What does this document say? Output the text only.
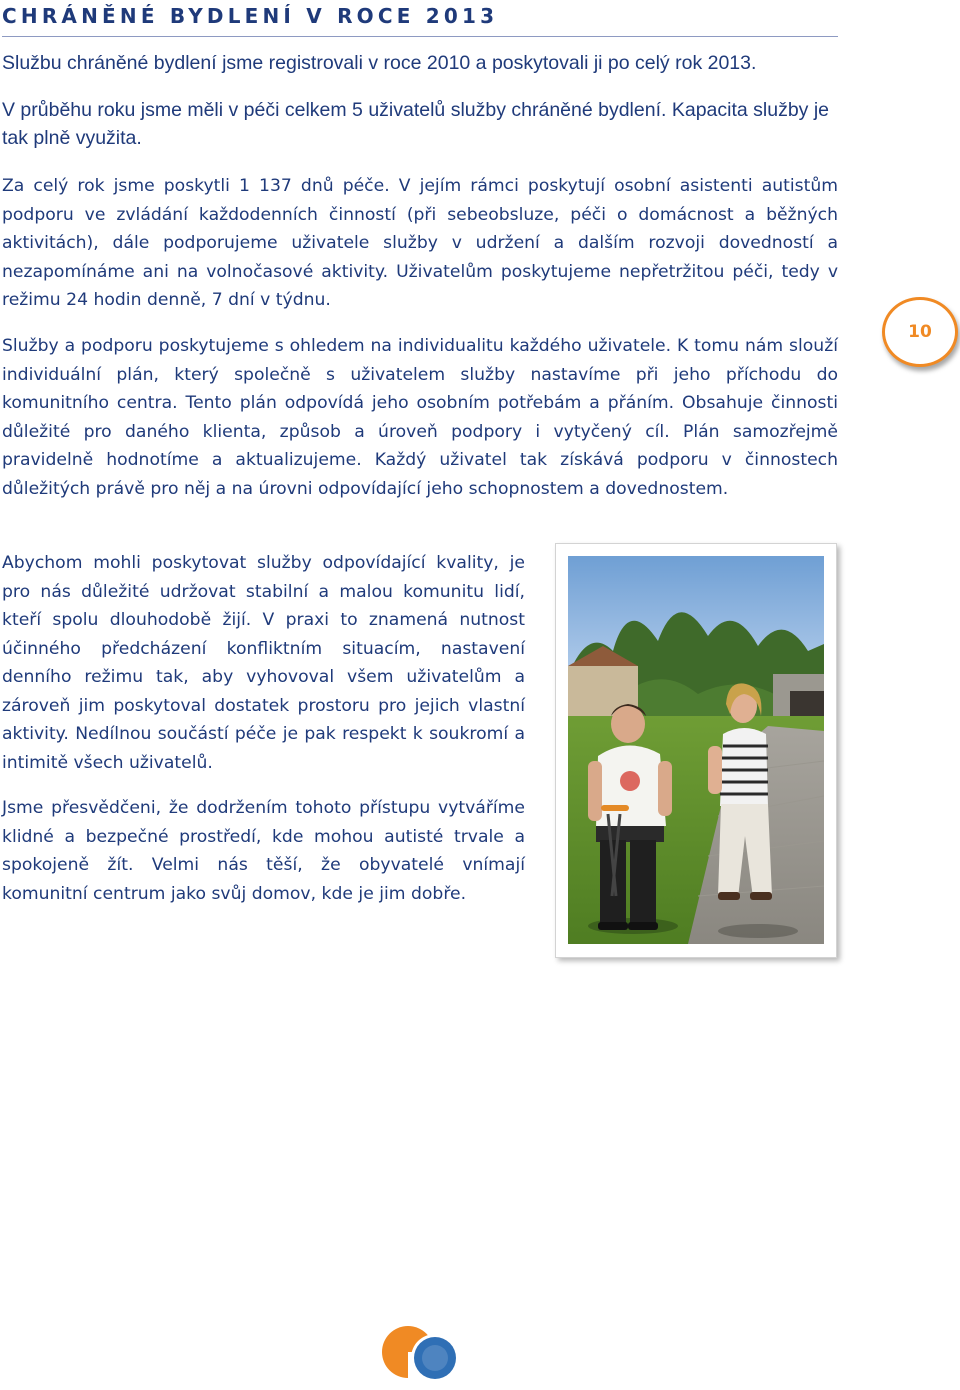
CHRÁNĚNÉ BYDLENÍ V ROCE 2013

Službu chráněné bydlení jsme registrovali v roce 2010 a poskytovali ji po celý rok 2013.

V průběhu roku jsme měli v péči celkem 5 uživatelů služby chráněné bydlení. Kapacita služby je tak plně využita.

Za celý rok jsme poskytli 1 137 dnů péče. V jejím rámci poskytují osobní asistenti autistům podporu ve zvládání každodenních činností (při sebeobsluze, péči o domácnost a běžných aktivitách), dále podporujeme uživatele služby v udržení a dalším rozvoji dovedností a nezapomínáme ani na volnočasové aktivity. Uživatelům poskytujeme nepřetržitou péči, tedy v režimu 24 hodin denně, 7 dní v týdnu.

Služby a podporu poskytujeme s ohledem na individualitu každého uživatele. K tomu nám slouží individuální plán, který společně s uživatelem služby nastavíme při jeho příchodu do komunitního centra. Tento plán odpovídá jeho osobním potřebám a přáním. Obsahuje činnosti důležité pro daného klienta, způsob a úroveň podpory i vytyčený cíl. Plán samozřejmě pravidelně hodnotíme a aktualizujeme. Každý uživatel tak získává podporu v činnostech důležitých právě pro něj a na úrovni odpovídající jeho schopnostem a dovednostem.

Abychom mohli poskytovat služby odpovídající kvality, je pro nás důležité udržovat stabilní a malou komunitu lidí, kteří spolu dlouhodobě žijí. V praxi to znamená nutnost účinného předcházení konfliktním situacím, nastavení denního režimu tak, aby vyhovoval všem uživatelům a zároveň jim poskytoval dostatek prostoru pro jejich vlastní aktivity. Nedílnou součástí péče je pak respekt k soukromí a intimitě všech uživatelů.

Jsme přesvědčeni, že dodržením tohoto přístupu vytváříme klidné a bezpečné prostředí, kde mohou autisté trvale a spokojeně žít. Velmi nás těší, že obyvatelé vnímají komunitní centrum jako svůj domov, kde je jim dobře.

10
